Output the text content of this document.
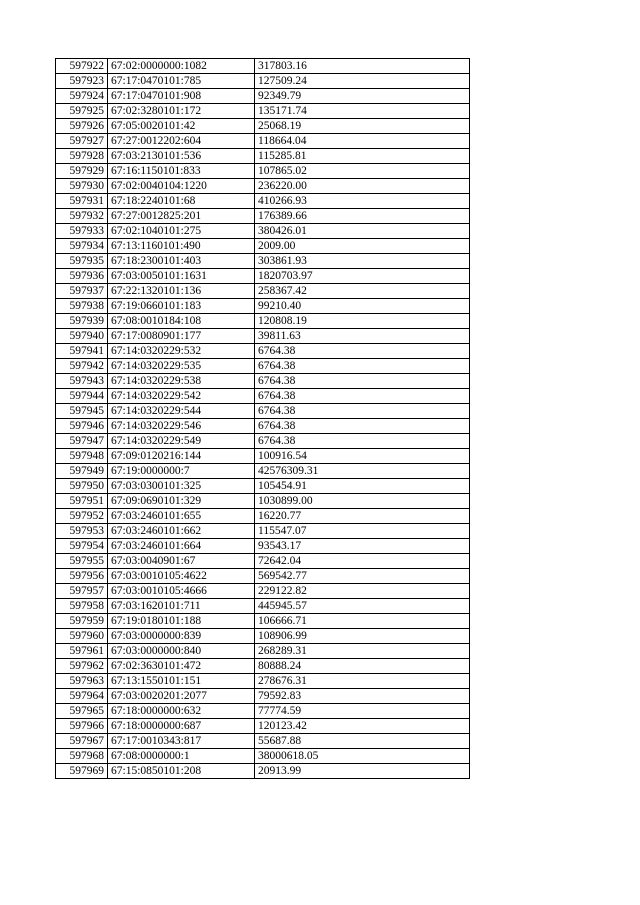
597922	67:02:0000000:1082	317803.16
597923	67:17:0470101:785	127509.24
597924	67:17:0470101:908	92349.79
597925	67:02:3280101:172	135171.74
597926	67:05:0020101:42	25068.19
597927	67:27:0012202:604	118664.04
597928	67:03:2130101:536	115285.81
597929	67:16:1150101:833	107865.02
597930	67:02:0040104:1220	236220.00
597931	67:18:2240101:68	410266.93
597932	67:27:0012825:201	176389.66
597933	67:02:1040101:275	380426.01
597934	67:13:1160101:490	2009.00
597935	67:18:2300101:403	303861.93
597936	67:03:0050101:1631	1820703.97
597937	67:22:1320101:136	258367.42
597938	67:19:0660101:183	99210.40
597939	67:08:0010184:108	120808.19
597940	67:17:0080901:177	39811.63
597941	67:14:0320229:532	6764.38
597942	67:14:0320229:535	6764.38
597943	67:14:0320229:538	6764.38
597944	67:14:0320229:542	6764.38
597945	67:14:0320229:544	6764.38
597946	67:14:0320229:546	6764.38
597947	67:14:0320229:549	6764.38
597948	67:09:0120216:144	100916.54
597949	67:19:0000000:7	42576309.31
597950	67:03:0300101:325	105454.91
597951	67:09:0690101:329	1030899.00
597952	67:03:2460101:655	16220.77
597953	67:03:2460101:662	115547.07
597954	67:03:2460101:664	93543.17
597955	67:03:0040901:67	72642.04
597956	67:03:0010105:4622	569542.77
597957	67:03:0010105:4666	229122.82
597958	67:03:1620101:711	445945.57
597959	67:19:0180101:188	106666.71
597960	67:03:0000000:839	108906.99
597961	67:03:0000000:840	268289.31
597962	67:02:3630101:472	80888.24
597963	67:13:1550101:151	278676.31
597964	67:03:0020201:2077	79592.83
597965	67:18:0000000:632	77774.59
597966	67:18:0000000:687	120123.42
597967	67:17:0010343:817	55687.88
597968	67:08:0000000:1	38000618.05
597969	67:15:0850101:208	20913.99
